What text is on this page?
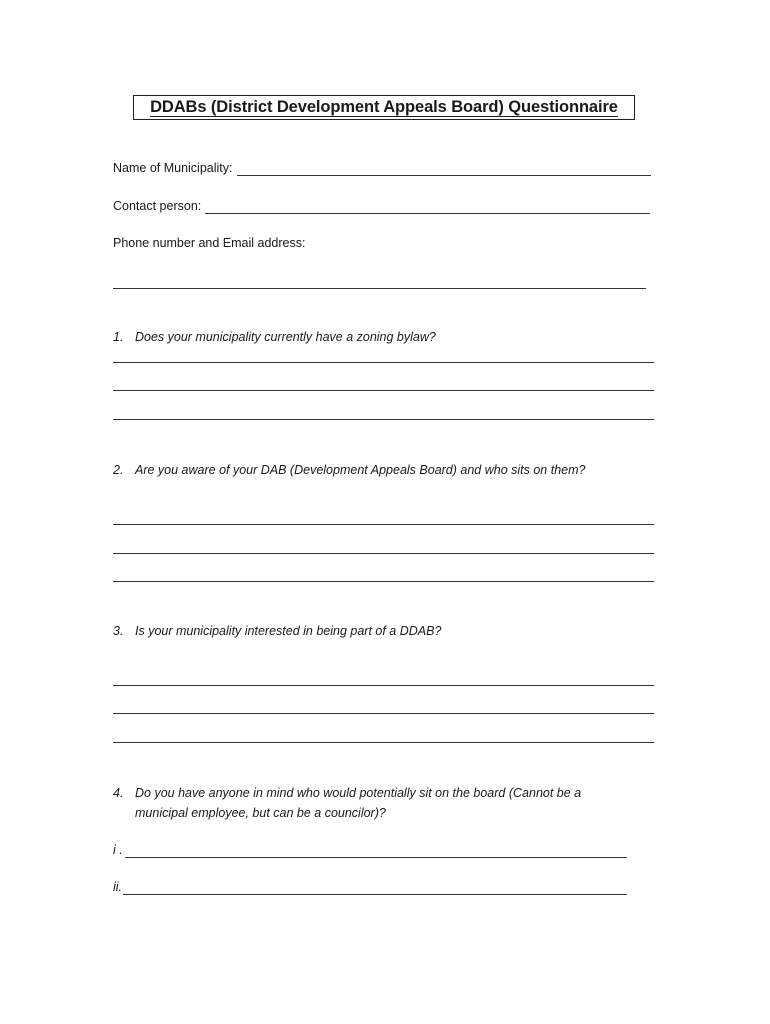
DDABs (District Development Appeals Board) Questionnaire
Name of Municipality:
Contact person:
Phone number and Email address:
1. Does your municipality currently have a zoning bylaw?
2. Are you aware of your DAB (Development Appeals Board) and who sits on them?
3. Is your municipality interested in being part of a DDAB?
4. Do you have anyone in mind who would potentially sit on the board (Cannot be a
municipal employee, but can be a councilor)?
i .
ii.
